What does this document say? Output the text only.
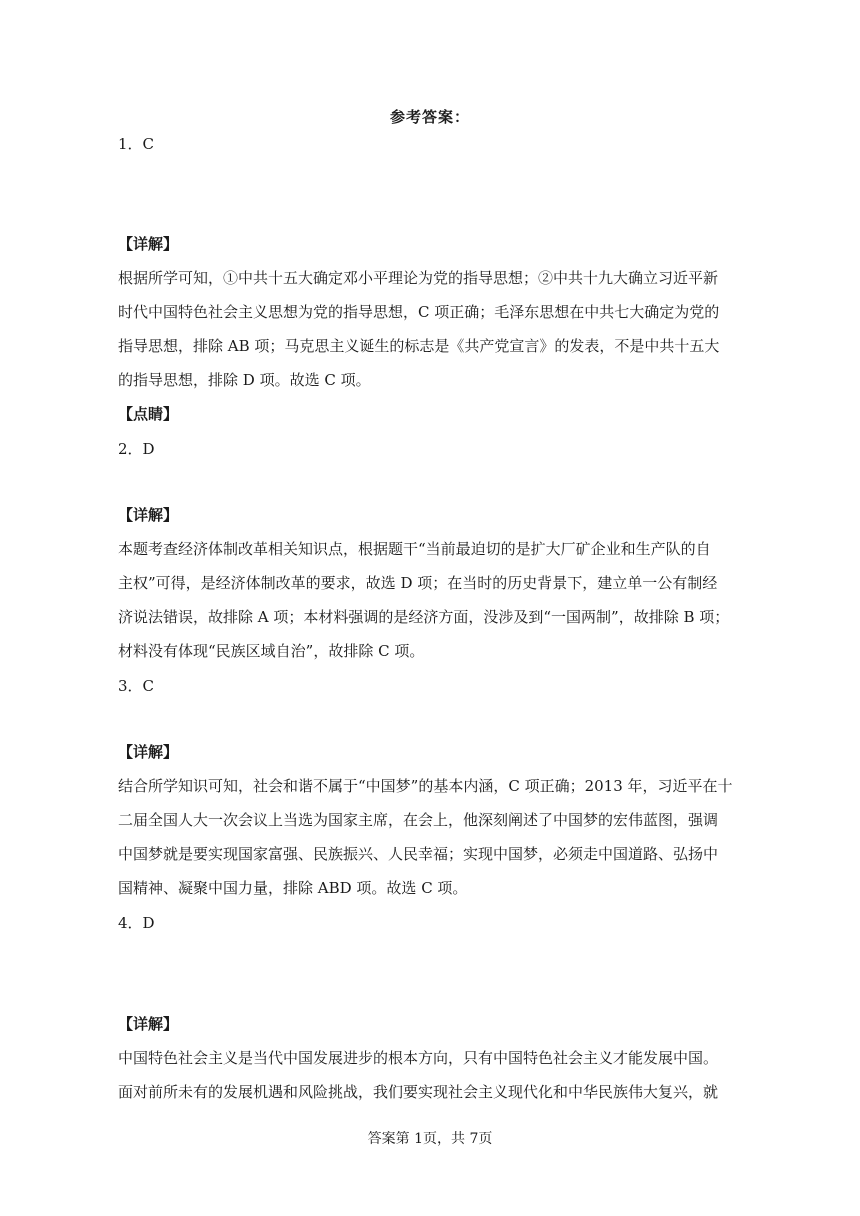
参考答案：
1．C
【详解】
根据所学可知，①中共十五大确定邓小平理论为党的指导思想；②中共十九大确立习近平新
时代中国特色社会主义思想为党的指导思想，C 项正确；毛泽东思想在中共七大确定为党的
指导思想，排除 AB 项；马克思主义诞生的标志是《共产党宣言》的发表，不是中共十五大
的指导思想，排除 D 项。故选 C 项。
【点睛】
2．D
【详解】
本题考查经济体制改革相关知识点，根据题干“当前最迫切的是扩大厂矿企业和生产队的自
主权”可得，是经济体制改革的要求，故选 D 项；在当时的历史背景下，建立单一公有制经
济说法错误，故排除 A 项；本材料强调的是经济方面，没涉及到“一国两制”，故排除 B 项；
材料没有体现“民族区域自治”，故排除 C 项。
3．C
【详解】
结合所学知识可知，社会和谐不属于“中国梦”的基本内涵，C 项正确；2013 年，习近平在十
二届全国人大一次会议上当选为国家主席，在会上，他深刻阐述了中国梦的宏伟蓝图，强调
中国梦就是要实现国家富强、民族振兴、人民幸福；实现中国梦，必须走中国道路、弘扬中
国精神、凝聚中国力量，排除 ABD 项。故选 C 项。
4．D
【详解】
中国特色社会主义是当代中国发展进步的根本方向，只有中国特色社会主义才能发展中国。
面对前所未有的发展机遇和风险挑战，我们要实现社会主义现代化和中华民族伟大复兴，就
答案第 1页，共 7页
